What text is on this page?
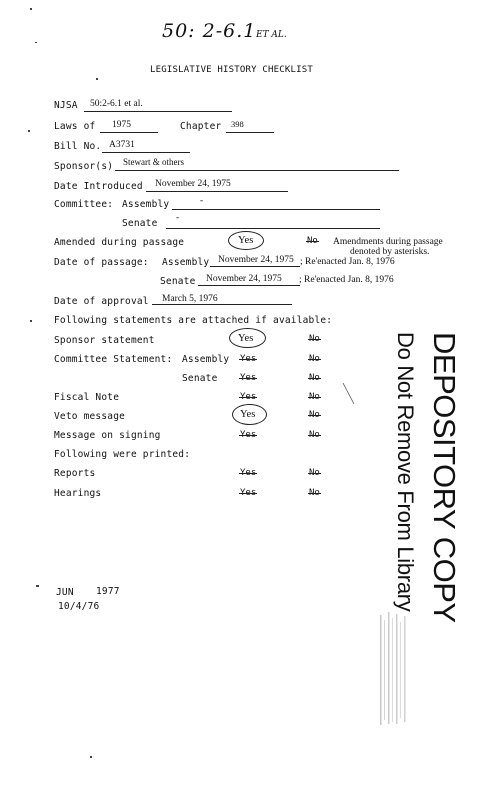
50: 2-6.1 ET AL.
LEGISLATIVE HISTORY CHECKLIST
NJSA 50:2-6.1 et al.
Laws of 1975	Chapter 398
Bill No. A3731
Sponsor(s) Stewart & others
Date Introduced November 24, 1975
Committee: Assembly	-
Senate -
Amended during passage	Yes	No Amendments during passage
denoted by asterisks.
Date of passage: Assembly November 24, 1975 ; Re'enacted Jan. 8, 1976
Senate November 24, 1975 ; Re'enacted Jan. 8, 1976
Date of approval March 5, 1976
Following statements are attached if available:
Sponsor statement	Yes	No
Committee Statement: Assembly Yes	No
Senate Yes	No
Fiscal Note	Yes	No
Veto message	Yes	No
Message on signing	Yes	No
Following were printed:
Reports	Yes	No
Hearings	Yes	No	DEPOSITORY COPY
Do Not Remove From Library
JUN 1977
10/4/76
